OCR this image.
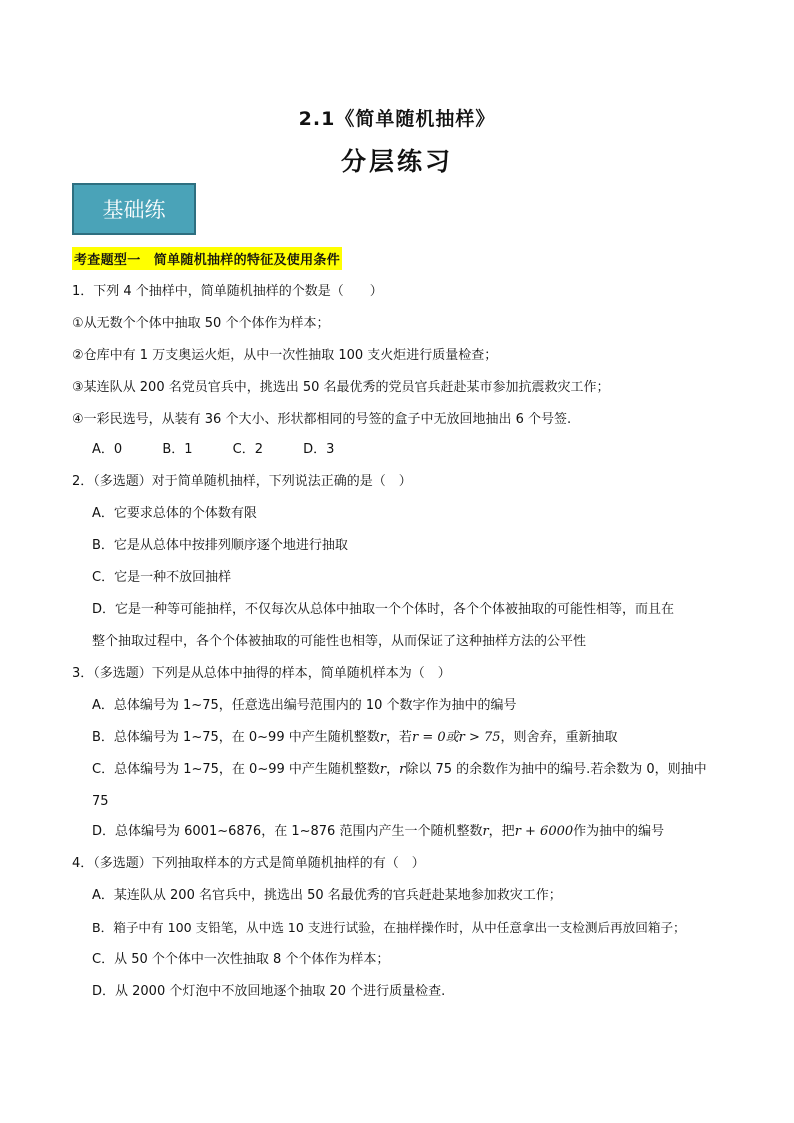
2.1《简单随机抽样》
分层练习
基础练
考查题型一　简单随机抽样的特征及使用条件
1．下列 4 个抽样中，简单随机抽样的个数是（　　）
①从无数个个体中抽取 50 个个体作为样本；
②仓库中有 1 万支奥运火炬，从中一次性抽取 100 支火炬进行质量检查；
③某连队从 200 名党员官兵中，挑选出 50 名最优秀的党员官兵赶赴某市参加抗震救灾工作；
④一彩民选号，从装有 36 个大小、形状都相同的号签的盒子中无放回地抽出 6 个号签.
A．0	B．1	C．2	D．3
2．（多选题）对于简单随机抽样，下列说法正确的是（　）
A．它要求总体的个体数有限
B．它是从总体中按排列顺序逐个地进行抽取
C．它是一种不放回抽样
D．它是一种等可能抽样，不仅每次从总体中抽取一个个体时，各个个体被抽取的可能性相等，而且在
整个抽取过程中，各个个体被抽取的可能性也相等，从而保证了这种抽样方法的公平性
3．（多选题）下列是从总体中抽得的样本，简单随机样本为（　）
A．总体编号为 1~75，任意选出编号范围内的 10 个数字作为抽中的编号
B．总体编号为 1~75，在 0~99 中产生随机整数r，若r = 0或r > 75，则舍弃，重新抽取
C．总体编号为 1~75，在 0~99 中产生随机整数r，r除以 75 的余数作为抽中的编号.若余数为 0，则抽中
75
D．总体编号为 6001~6876，在 1~876 范围内产生一个随机整数r，把r + 6000作为抽中的编号
4．（多选题）下列抽取样本的方式是简单随机抽样的有（　）
A．某连队从 200 名官兵中，挑选出 50 名最优秀的官兵赶赴某地参加救灾工作；
B．箱子中有 100 支铅笔，从中选 10 支进行试验，在抽样操作时，从中任意拿出一支检测后再放回箱子；
C．从 50 个个体中一次性抽取 8 个个体作为样本；
D．从 2000 个灯泡中不放回地逐个抽取 20 个进行质量检查.
